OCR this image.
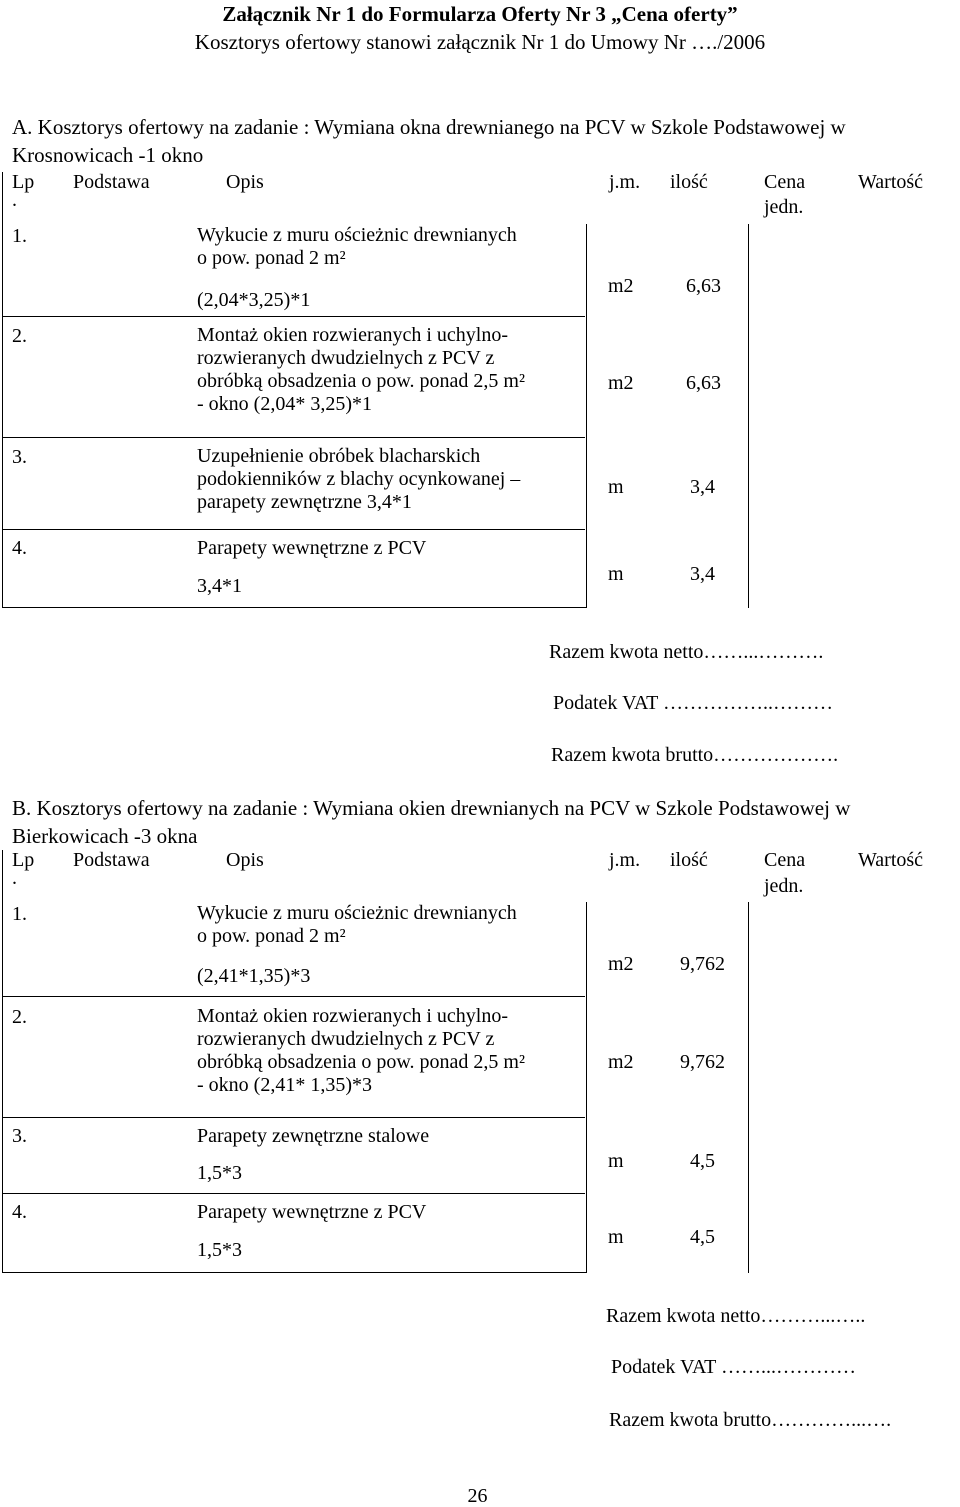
Załącznik Nr 1 do Formularza Oferty Nr 3 „Cena oferty”
Kosztorys ofertowy stanowi załącznik Nr 1 do Umowy Nr …./2006
A. Kosztorys ofertowy na zadanie : Wymiana okna drewnianego na PCV w Szkole Podstawowej w Krosnowicach -1 okno
Lp
.
Podstawa	Opis	j.m. ilość	Cena
jedn.
Wartość
1.	Wykucie z muru ościeżnic drewnianych
o pow. ponad 2 m²
(2,04*3,25)*1
m2	6,63
2.	Montaż okien rozwieranych i uchylno-
rozwieranych dwudzielnych z PCV z
obróbką obsadzenia o pow. ponad 2,5 m²
- okno (2,04* 3,25)*1
m2	6,63
3.	Uzupełnienie obróbek blacharskich
podokienników z blachy ocynkowanej –
parapety zewnętrzne 3,4*1
m	3,4
4.	Parapety wewnętrzne z PCV
3,4*1
m	3,4
Razem kwota netto……...……….
Podatek VAT ……………..………
Razem kwota brutto……………….
B. Kosztorys ofertowy na zadanie : Wymiana okien drewnianych na PCV w Szkole Podstawowej w Bierkowicach -3 okna
Lp
.
Podstawa	Opis	j.m. ilość	Cena
jedn.
Wartość
1.	Wykucie z muru ościeżnic drewnianych
o pow. ponad 2 m²
(2,41*1,35)*3
m2 9,762
2.	Montaż okien rozwieranych i uchylno-
rozwieranych dwudzielnych z PCV z
obróbką obsadzenia o pow. ponad 2,5 m²
- okno (2,41* 1,35)*3
m2 9,762
3.	Parapety zewnętrzne stalowe
1,5*3
m	4,5
4.	Parapety wewnętrzne z PCV
1,5*3
m	4,5
Razem kwota netto………...…..
Podatek VAT ……...…………
Razem kwota brutto…………...….
26
